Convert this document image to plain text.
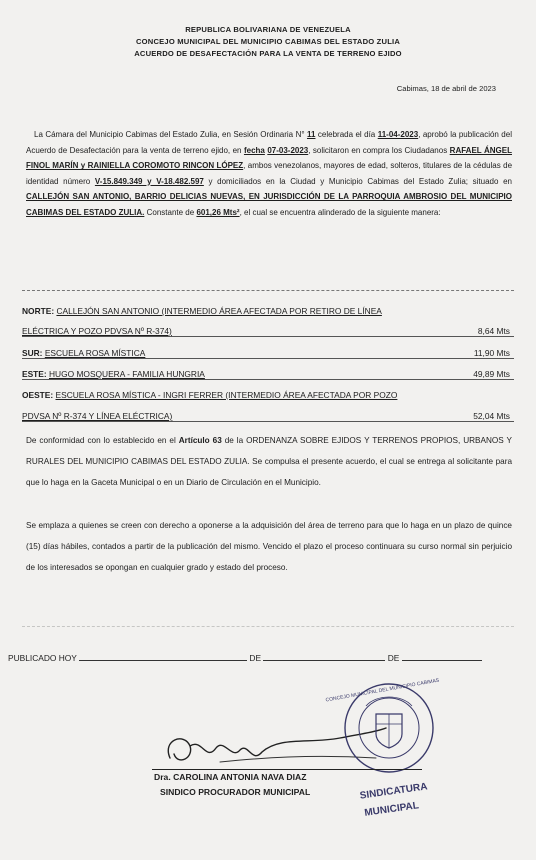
REPUBLICA BOLIVARIANA DE VENEZUELA
CONCEJO MUNICIPAL DEL MUNICIPIO CABIMAS DEL ESTADO ZULIA
ACUERDO DE DESAFECTACIÓN PARA LA VENTA DE TERRENO EJIDO
Cabimas, 18 de abril de 2023
La Cámara del Municipio Cabimas del Estado Zulia, en Sesión Ordinaria N° 11 celebrada el día 11-04-2023, aprobó la publicación del Acuerdo de Desafectación para la venta de terreno ejido, en fecha 07-03-2023, solicitaron en compra los Ciudadanos RAFAEL ÁNGEL FINOL MARÍN y RAINIELLA COROMOTO RINCON LÓPEZ, ambos venezolanos, mayores de edad, solteros, titulares de la cédulas de identidad número V-15.849.349 y V-18.482.597 y domiciliados en la Ciudad y Municipio Cabimas del Estado Zulia; situado en CALLEJÓN SAN ANTONIO, BARRIO DELICIAS NUEVAS, EN JURISDICCIÓN DE LA PARROQUIA AMBROSIO DEL MUNICIPIO CABIMAS DEL ESTADO ZULIA. Constante de 601,26 Mts², el cual se encuentra alinderado de la siguiente manera:
NORTE: CALLEJÓN SAN ANTONIO (INTERMEDIO ÁREA AFECTADA POR RETIRO DE LÍNEA
ELÉCTRICA Y POZO PDVSA Nº R-374)	8,64 Mts
SUR: ESCUELA ROSA MÍSTICA	11,90 Mts
ESTE: HUGO MOSQUERA - FAMILIA HUNGRIA	49,89 Mts
OESTE: ESCUELA ROSA MÍSTICA - INGRI FERRER (INTERMEDIO ÁREA AFECTADA POR POZO
PDVSA Nº R-374 Y LÍNEA ELÉCTRICA)	52,04 Mts
De conformidad con lo establecido en el Artículo 63 de la ORDENANZA SOBRE EJIDOS Y TERRENOS PROPIOS, URBANOS Y RURALES DEL MUNICIPIO CABIMAS DEL ESTADO ZULIA. Se compulsa el presente acuerdo, el cual se entrega al solicitante para que lo haga en la Gaceta Municipal o en un Diario de Circulación en el Municipio.
Se emplaza a quienes se creen con derecho a oponerse a la adquisición del área de terreno para que lo haga en un plazo de quince (15) días hábiles, contados a partir de la publicación del mismo. Vencido el plazo el proceso continuara su curso normal sin perjuicio de los interesados se opongan en cualquier grado y estado del proceso.
PUBLICADO HOY	DE	DE
CONCEJO MUNICIPAL DEL MUNICIPIO CABIMAS
SINDICATURA
MUNICIPAL
Dra. CAROLINA ANTONIA NAVA DIAZ
SINDICO PROCURADOR MUNICIPAL
